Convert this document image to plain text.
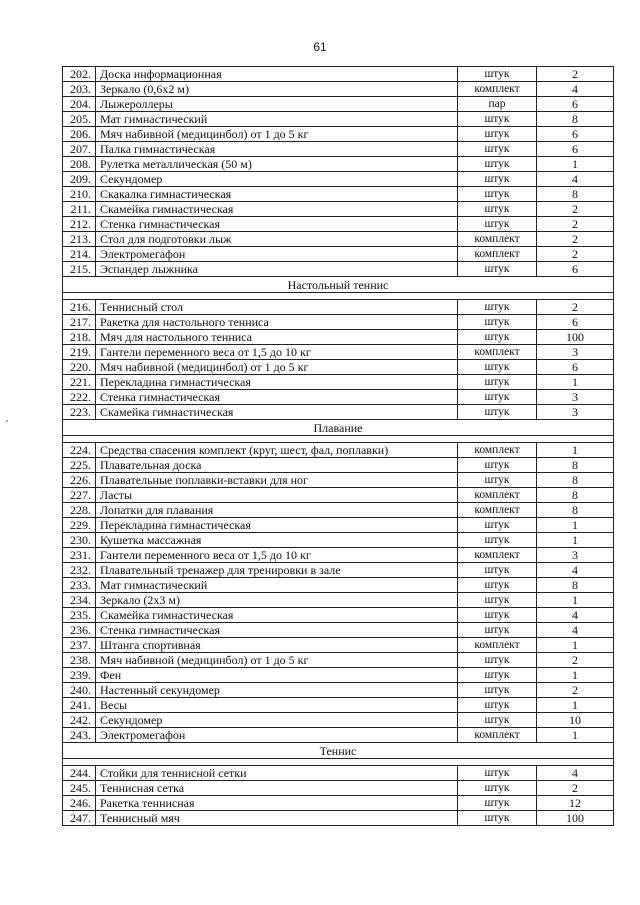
61
202.	Доска информационная	штук	2
203.	Зеркало (0,6х2 м)	комплект	4
204.	Лыжероллеры	пар	6
205.	Мат гимнастический	штук	8
206.	Мяч набивной (медицинбол) от 1 до 5 кг	штук	6
207.	Палка гимнастическая	штук	6
208.	Рулетка металлическая (50 м)	штук	1
209.	Секундомер	штук	4
210.	Скакалка гимнастическая	штук	8
211.	Скамейка гимнастическая	штук	2
212.	Стенка гимнастическая	штук	2
213.	Стол для подготовки лыж	комплект	2
214.	Электромегафон	комплект	2
215.	Эспандер лыжника	штук	6
Настольный теннис			

216.	Теннисный стол	штук	2
217.	Ракетка для настольного тенниса	штук	6
218.	Мяч для настольного тенниса	штук	100
219.	Гантели переменного веса от 1,5 до 10 кг	комплект	3
220.	Мяч набивной (медицинбол) от 1 до 5 кг	штук	6
221.	Перекладина гимнастическая	штук	1
222.	Стенка гимнастическая	штук	3
223.	Скамейка гимнастическая	штук	3
Плавание			

224.	Средства спасения комплект (круг, шест, фал, поплавки)	комплект	1
225.	Плавательная доска	штук	8
226.	Плавательные поплавки-вставки для ног	штук	8
227.	Ласты	комплект	8
228.	Лопатки для плавания	комплект	8
229.	Перекладина гимнастическая	штук	1
230.	Кушетка массажная	штук	1
231.	Гантели переменного веса от 1,5 до 10 кг	комплект	3
232.	Плавательный тренажер для тренировки в зале	штук	4
233.	Мат гимнастический	штук	8
234.	Зеркало (2х3 м)	штук	1
235.	Скамейка гимнастическая	штук	4
236.	Стенка гимнастическая	штук	4
237.	Штанга спортивная	комплект	1
238.	Мяч набивной (медицинбол) от 1 до 5 кг	штук	2
239.	Фен	штук	1
240.	Настенный секундомер	штук	2
241.	Весы	штук	1
242.	Секундомер	штук	10
243.	Электромегафон	комплект	1
Теннис			

244.	Стойки для теннисной сетки	штук	4
245.	Теннисная сетка	штук	2
246.	Ракетка теннисная	штук	12
247.	Теннисный мяч	штук	100
